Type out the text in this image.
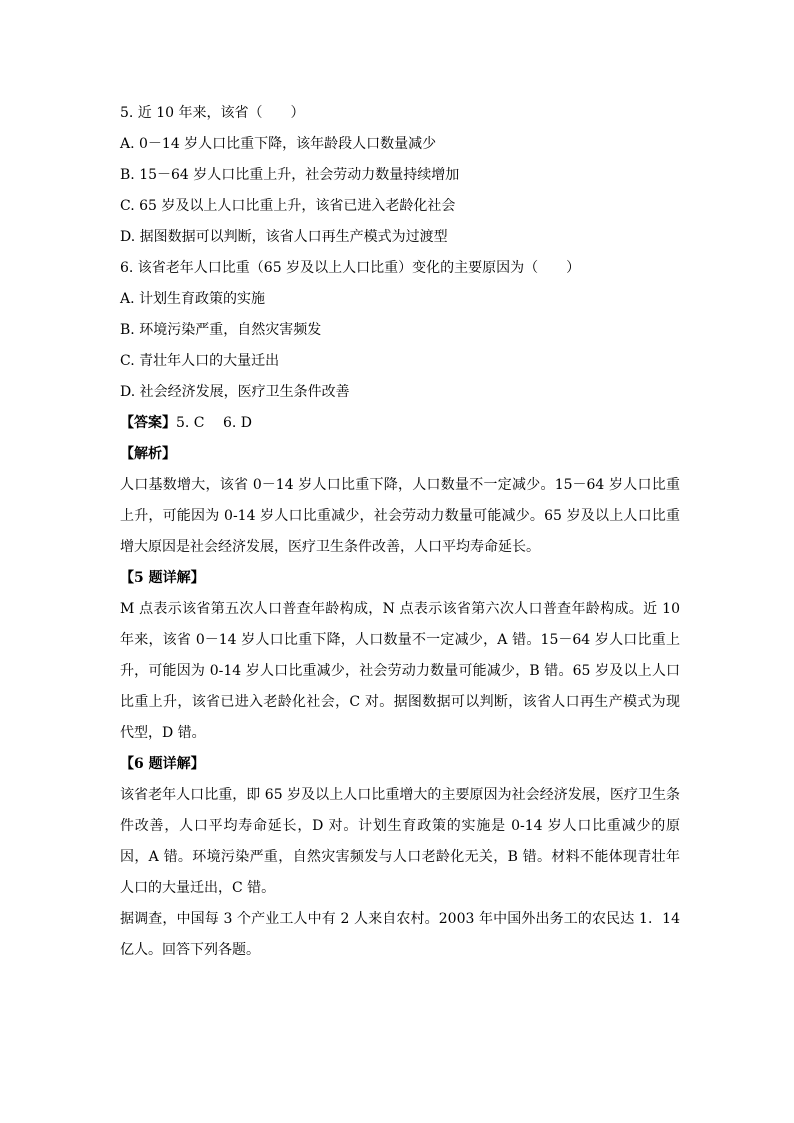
5. 近 10 年来，该省（　　）
A. 0－14 岁人口比重下降，该年龄段人口数量减少
B. 15－64 岁人口比重上升，社会劳动力数量持续增加
C. 65 岁及以上人口比重上升，该省已进入老龄化社会
D. 据图数据可以判断，该省人口再生产模式为过渡型
6. 该省老年人口比重（65 岁及以上人口比重）变化的主要原因为（　　）
A. 计划生育政策的实施
B. 环境污染严重，自然灾害频发
C. 青壮年人口的大量迁出
D. 社会经济发展，医疗卫生条件改善
【答案】5. C　 6. D
【解析】
人口基数增大，该省 0－14 岁人口比重下降，人口数量不一定减少。15－64 岁人口比重上升，可能因为 0-14 岁人口比重减少，社会劳动力数量可能减少。65 岁及以上人口比重增大原因是社会经济发展，医疗卫生条件改善，人口平均寿命延长。
【5 题详解】
M 点表示该省第五次人口普查年龄构成，N 点表示该省第六次人口普查年龄构成。近 10 年来，该省 0－14 岁人口比重下降，人口数量不一定减少，A 错。15－64 岁人口比重上升，可能因为 0-14 岁人口比重减少，社会劳动力数量可能减少，B 错。65 岁及以上人口比重上升，该省已进入老龄化社会，C 对。据图数据可以判断，该省人口再生产模式为现代型，D 错。
【6 题详解】
该省老年人口比重，即 65 岁及以上人口比重增大的主要原因为社会经济发展，医疗卫生条件改善，人口平均寿命延长，D 对。计划生育政策的实施是 0-14 岁人口比重减少的原因，A 错。环境污染严重，自然灾害频发与人口老龄化无关，B 错。材料不能体现青壮年人口的大量迁出，C 错。
据调查，中国每 3 个产业工人中有 2 人来自农村。2003 年中国外出务工的农民达 1．14 亿人。回答下列各题。
